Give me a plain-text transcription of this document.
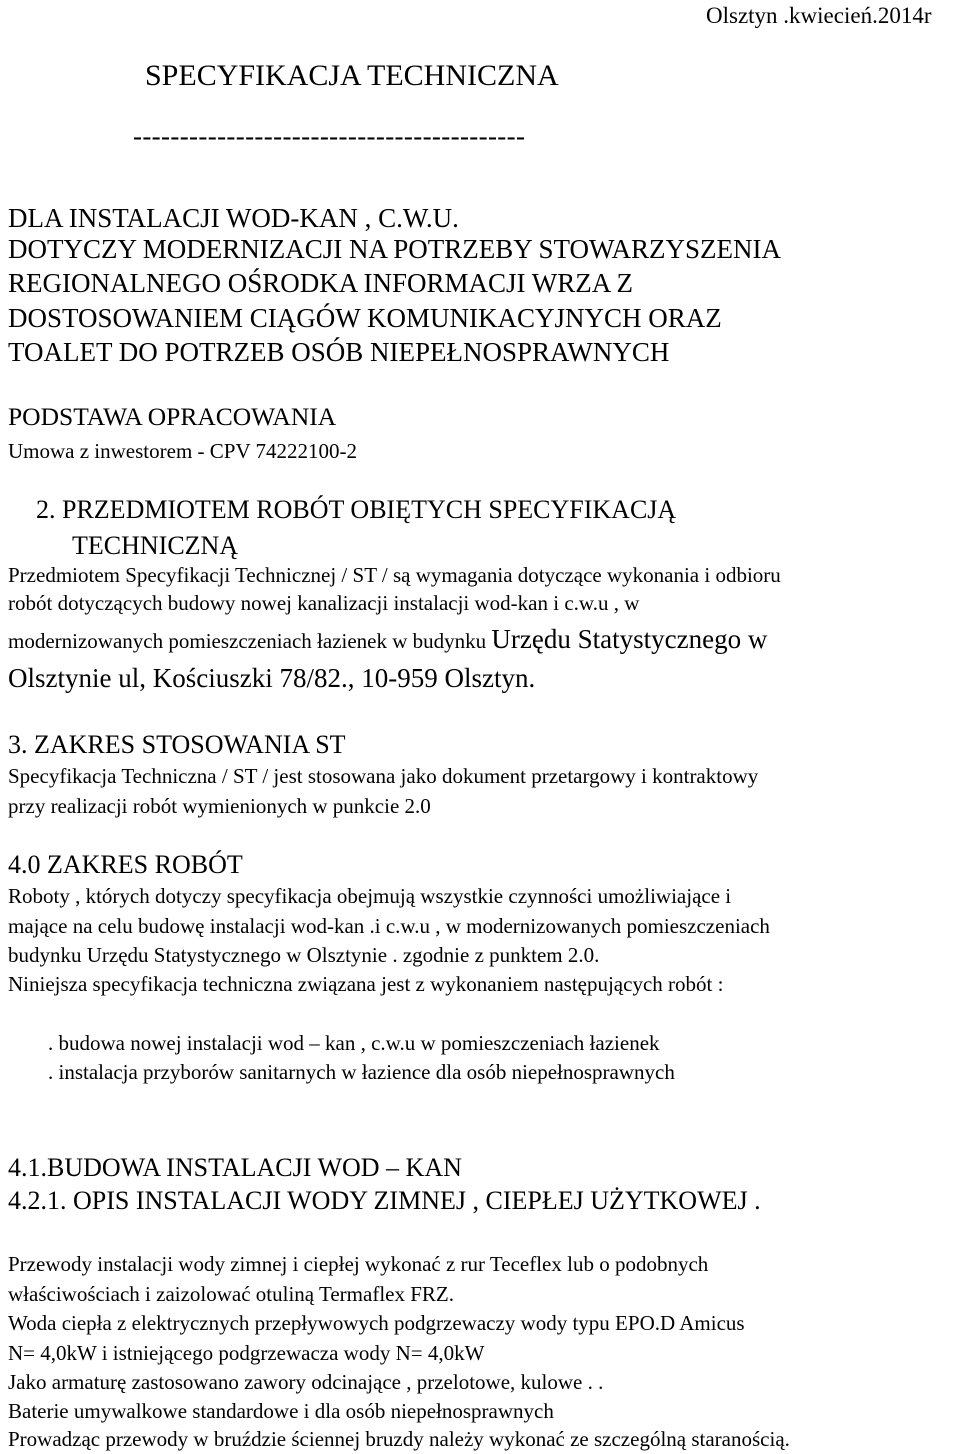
Olsztyn .kwiecień.2014r
SPECYFIKACJA TECHNICZNA
------------------------------------------
DLA INSTALACJI WOD-KAN , C.W.U.
DOTYCZY MODERNIZACJI NA POTRZEBY STOWARZYSZENIA
REGIONALNEGO OŚRODKA INFORMACJI WRZA Z
DOSTOSOWANIEM CIĄGÓW KOMUNIKACYJNYCH ORAZ
TOALET DO POTRZEB OSÓB NIEPEŁNOSPRAWNYCH
PODSTAWA OPRACOWANIA
Umowa z inwestorem - CPV 74222100-2
2. PRZEDMIOTEM ROBÓT OBIĘTYCH SPECYFIKACJĄ
TECHNICZNĄ
Przedmiotem Specyfikacji Technicznej / ST / są wymagania dotyczące wykonania i odbioru
robót dotyczących budowy nowej kanalizacji instalacji wod-kan i c.w.u , w
modernizowanych pomieszczeniach łazienek w budynku Urzędu Statystycznego w
Olsztynie ul, Kościuszki 78/82., 10-959 Olsztyn.
3. ZAKRES STOSOWANIA ST
Specyfikacja Techniczna / ST / jest stosowana jako dokument przetargowy i kontraktowy
przy realizacji robót wymienionych w punkcie 2.0
4.0 ZAKRES ROBÓT
Roboty , których dotyczy specyfikacja obejmują wszystkie czynności umożliwiające i
mające na celu budowę instalacji wod-kan .i c.w.u , w modernizowanych pomieszczeniach
budynku Urzędu Statystycznego w Olsztynie . zgodnie z punktem 2.0.
Niniejsza specyfikacja techniczna związana jest z wykonaniem następujących robót :
. budowa nowej instalacji wod – kan , c.w.u w pomieszczeniach łazienek
. instalacja przyborów sanitarnych w łazience dla osób niepełnosprawnych
4.1.BUDOWA INSTALACJI WOD – KAN
4.2.1. OPIS INSTALACJI WODY ZIMNEJ , CIEPŁEJ UŻYTKOWEJ .
Przewody instalacji wody zimnej i ciepłej wykonać z rur Teceflex lub o podobnych
właściwościach i zaizolować otuliną Termaflex FRZ.
Woda ciepła z elektrycznych przepływowych podgrzewaczy wody typu EPO.D Amicus
N= 4,0kW i istniejącego podgrzewacza wody N= 4,0kW
Jako armaturę zastosowano zawory odcinające , przelotowe, kulowe . .
Baterie umywalkowe standardowe i dla osób niepełnosprawnych
Prowadząc przewody w bruździe ściennej bruzdy należy wykonać ze szczególną staranością.
